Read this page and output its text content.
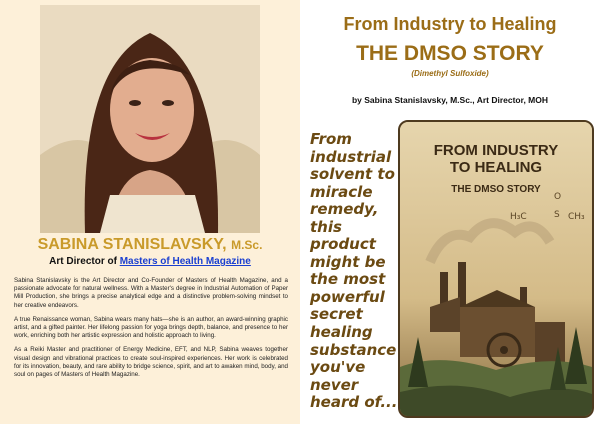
SABINA STANISLAVSKY, M.Sc.
Art Director of Masters of Health Magazine

Sabina Stanislavsky is the Art Director and Co-Founder of Masters of Health Magazine, and a passionate advocate for natural wellness. With a Master's degree in Industrial Automation of Paper Mill Production, she brings a precise analytical edge and a distinctive problem-solving mindset to her creative endeavors.

A true Renaissance woman, Sabina wears many hats—she is an author, an award-winning graphic artist, and a gifted painter. Her lifelong passion for yoga brings depth, balance, and presence to her work, enriching both her artistic expression and holistic approach to living.

As a Reiki Master and practitioner of Energy Medicine, EFT, and NLP, Sabina weaves together visual design and vibrational practices to create soul-inspired experiences. Her work is celebrated for its innovation, beauty, and rare ability to bridge science, spirit, and art to awaken mind, body, and soul on pages of Masters of Health Magazine.

From Industry to Healing
THE DMSO STORY
(Dimethyl Sulfoxide)
by Sabina Stanislavsky, M.Sc., Art Director, MOH
From industrial solvent to miracle remedy, this product might be the most powerful secret healing substance you've never heard of...
FROM INDUSTRY
TO HEALING
THE DMSO STORY
O
S
H₃C	CH₃
